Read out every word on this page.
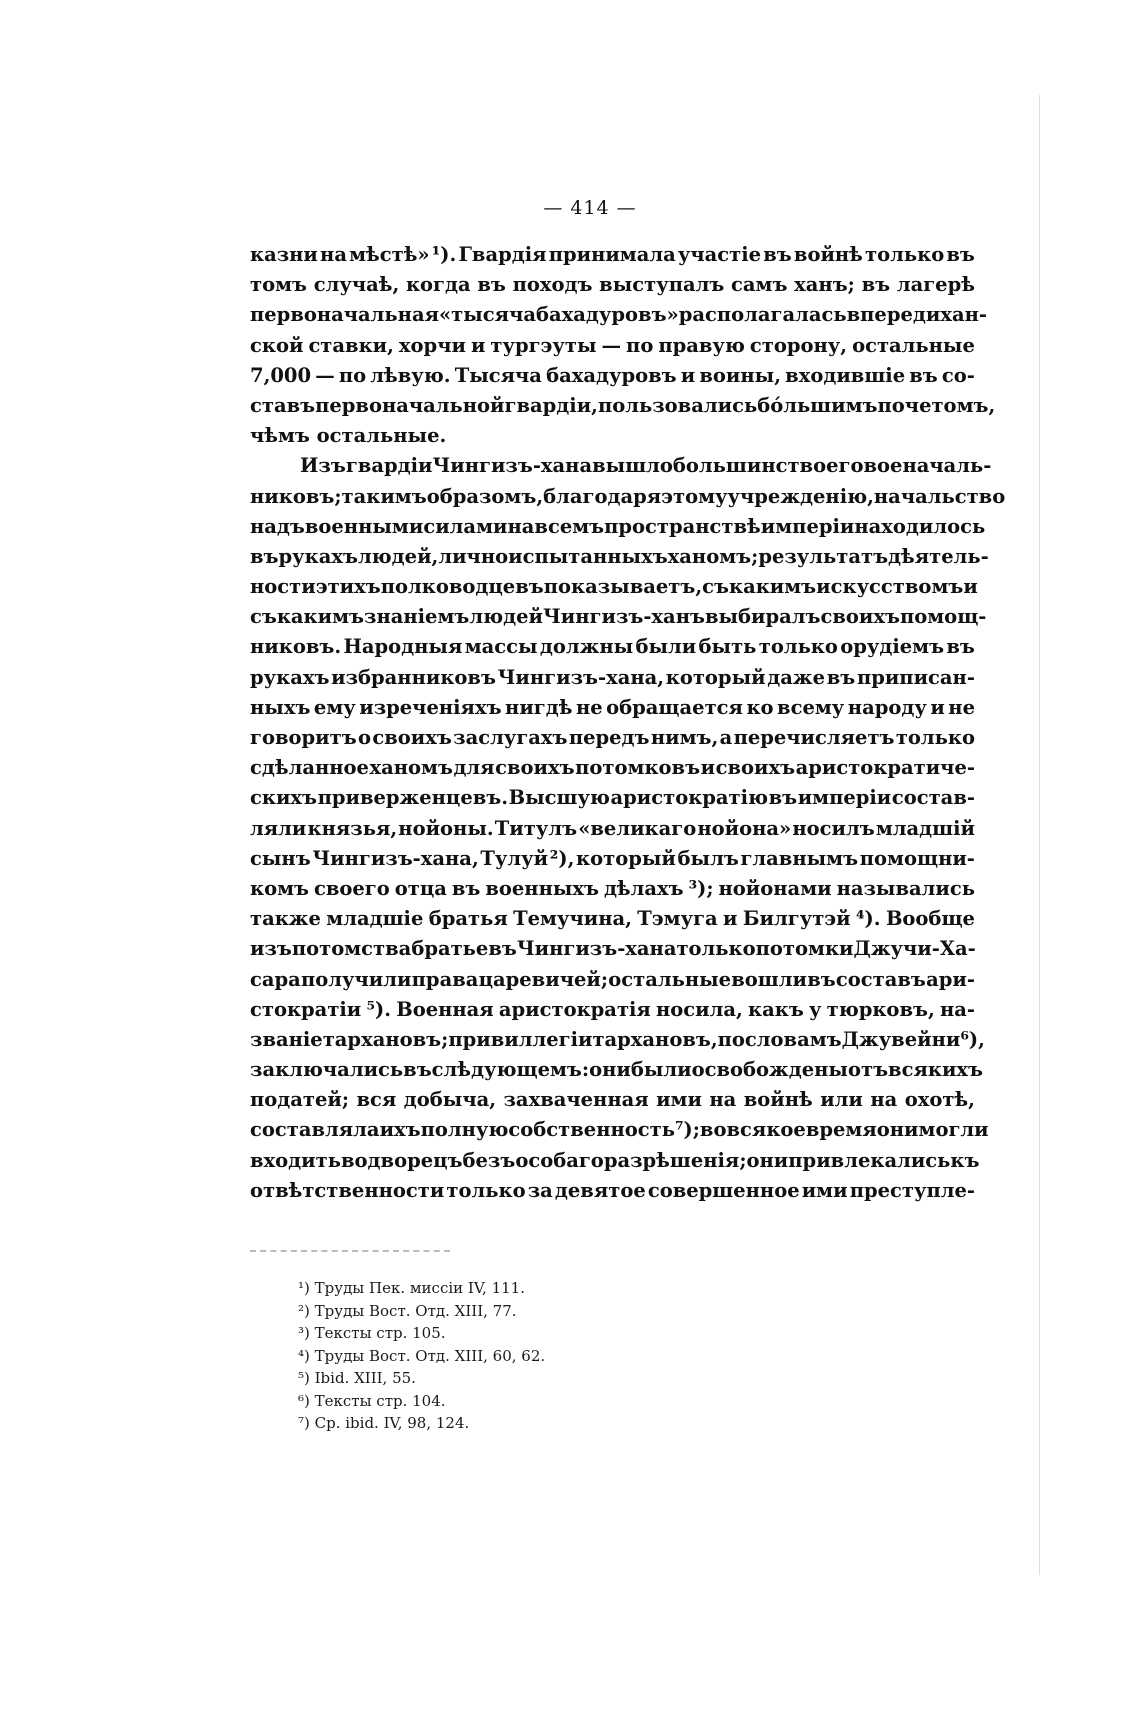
— 414 —
казни на мѣстѣ» ¹). Гвардія принимала участіе въ войнѣ только въ
томъ случаѣ, когда въ походъ выступалъ самъ ханъ; въ лагерѣ
первоначальная «тысяча бахадуровъ» располагалась впереди хан-
ской ставки, хорчи и тургэуты — по правую сторону, остальные
7,000 — по лѣвую. Тысяча бахадуровъ и воины, входившіе въ со-
ставъ первоначальной гвардіи, пользовались бо́льшимъ почетомъ,
чѣмъ остальные.
Изъ гвардіи Чингизъ-хана вышло большинство его военачаль-
никовъ; такимъ образомъ, благодаря этому учрежденію, начальство
надъ военными силами на всемъ пространствѣ имперіи находилось
въ рукахъ людей, лично испытанныхъ ханомъ; результатъ дѣятель-
ности этихъ полководцевъ показываетъ, съ какимъ искусствомъ и
съ какимъ знаніемъ людей Чингизъ-ханъ выбиралъ своихъ помощ-
никовъ. Народныя массы должны были быть только орудіемъ въ
рукахъ избранниковъ Чингизъ-хана, который даже въ приписан-
ныхъ ему изреченіяхъ нигдѣ не обращается ко всему народу и не
говоритъ о своихъ заслугахъ передъ нимъ, а перечисляетъ только
сдѣланное ханомъ для своихъ потомковъ и своихъ аристократиче-
скихъ приверженцевъ. Высшую аристократію въ имперіи состав-
ляли князья, нойоны. Титулъ «великаго нойона» носилъ младшій
сынъ Чингизъ-хана, Тулуй ²), который былъ главнымъ помощни-
комъ своего отца въ военныхъ дѣлахъ ³); нойонами назывались
также младшіе братья Темучина, Тэмуга и Билгутэй ⁴). Вообще
изъ потомства братьевъ Чингизъ-хана только потомки Джучи-Ха-
сара получили права царевичей; остальные вошли въ составъ ари-
стократіи ⁵). Военная аристократія носила, какъ у тюрковъ, на-
званіе тархановъ; привиллегіи тархановъ, по словамъ Джувейни ⁶),
заключались въ слѣдующемъ: они были освобождены отъ всякихъ
податей; вся добыча, захваченная ими на войнѣ или на охотѣ,
составляла ихъ полную собственность ⁷); во всякое время они могли
входить во дворецъ безъ особаго разрѣшенія; они привлекались къ
отвѣтственности только за девятое совершенное ими преступле-
¹) Труды Пек. миссіи IV, 111.
²) Труды Вост. Отд. XIII, 77.
³) Тексты стр. 105.
⁴) Труды Вост. Отд. XIII, 60, 62.
⁵) Ibid. XIII, 55.
⁶) Тексты стр. 104.
⁷) Ср. ibid. IV, 98, 124.
